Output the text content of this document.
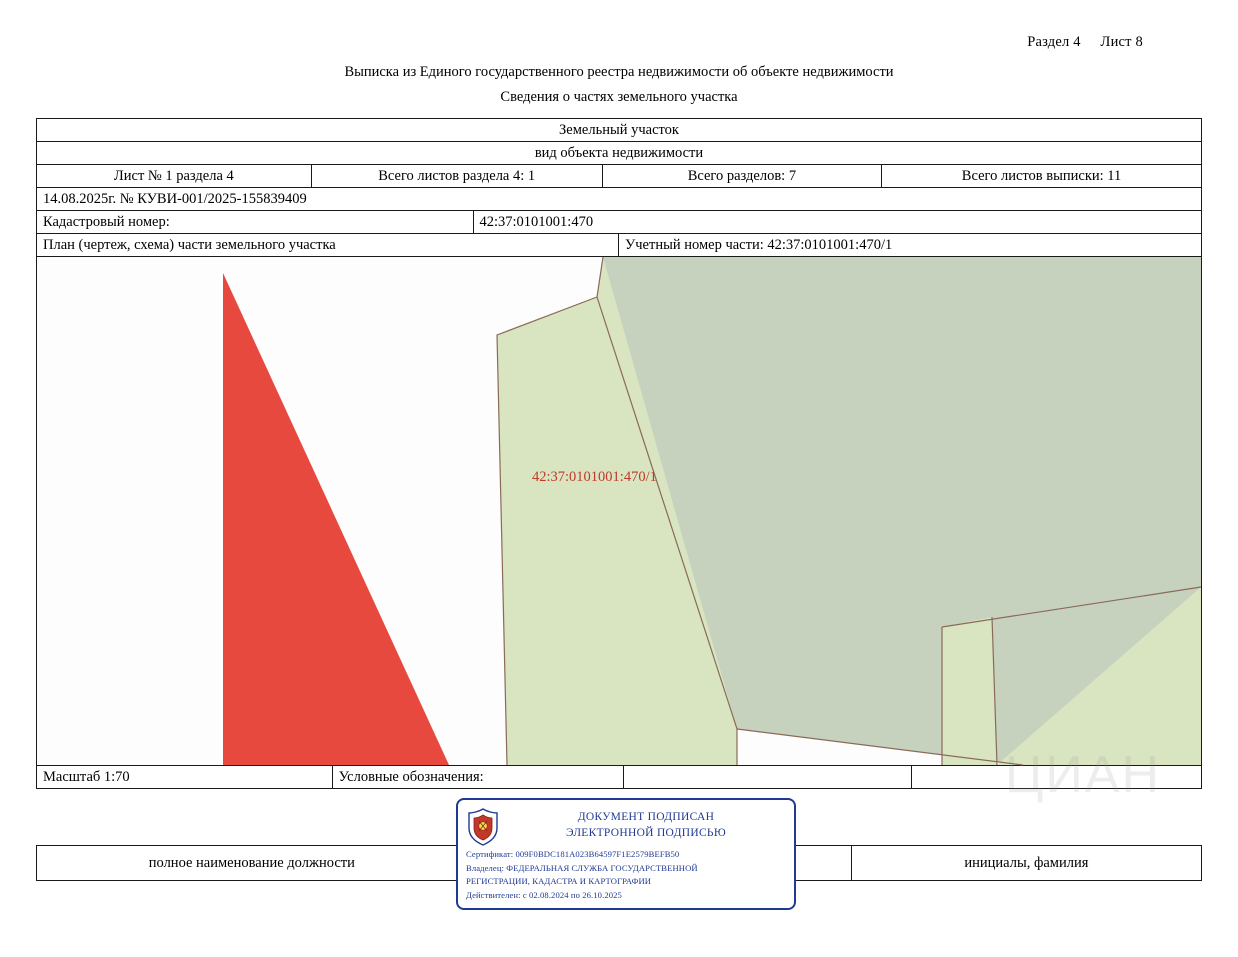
Раздел 4 Лист 8
Выписка из Единого государственного реестра недвижимости об объекте недвижимости
Сведения о частях земельного участка
Земельный участок
вид объекта недвижимости
Лист № 1 раздела 4	Всего листов раздела 4: 1	Всего разделов: 7	Всего листов выписки: 11
14.08.2025г. № КУВИ-001/2025-155839409
Кадастровый номер:	42:37:0101001:470
План (чертеж, схема) части земельного участка	Учетный номер части: 42:37:0101001:470/1
42:37:0101001:470/1
ЦИАН
Масштаб 1:70	Условные обозначения:
полное наименование должности	инициалы, фамилия
ДОКУМЕНТ ПОДПИСАН
ЭЛЕКТРОННОЙ ПОДПИСЬЮ
Сертификат: 009F0BDC181A023B64597F1E2579BEFB50
Владелец: ФЕДЕРАЛЬНАЯ СЛУЖБА ГОСУДАРСТВЕННОЙ
РЕГИСТРАЦИИ, КАДАСТРА И КАРТОГРАФИИ
Действителен: с 02.08.2024 по 26.10.2025
